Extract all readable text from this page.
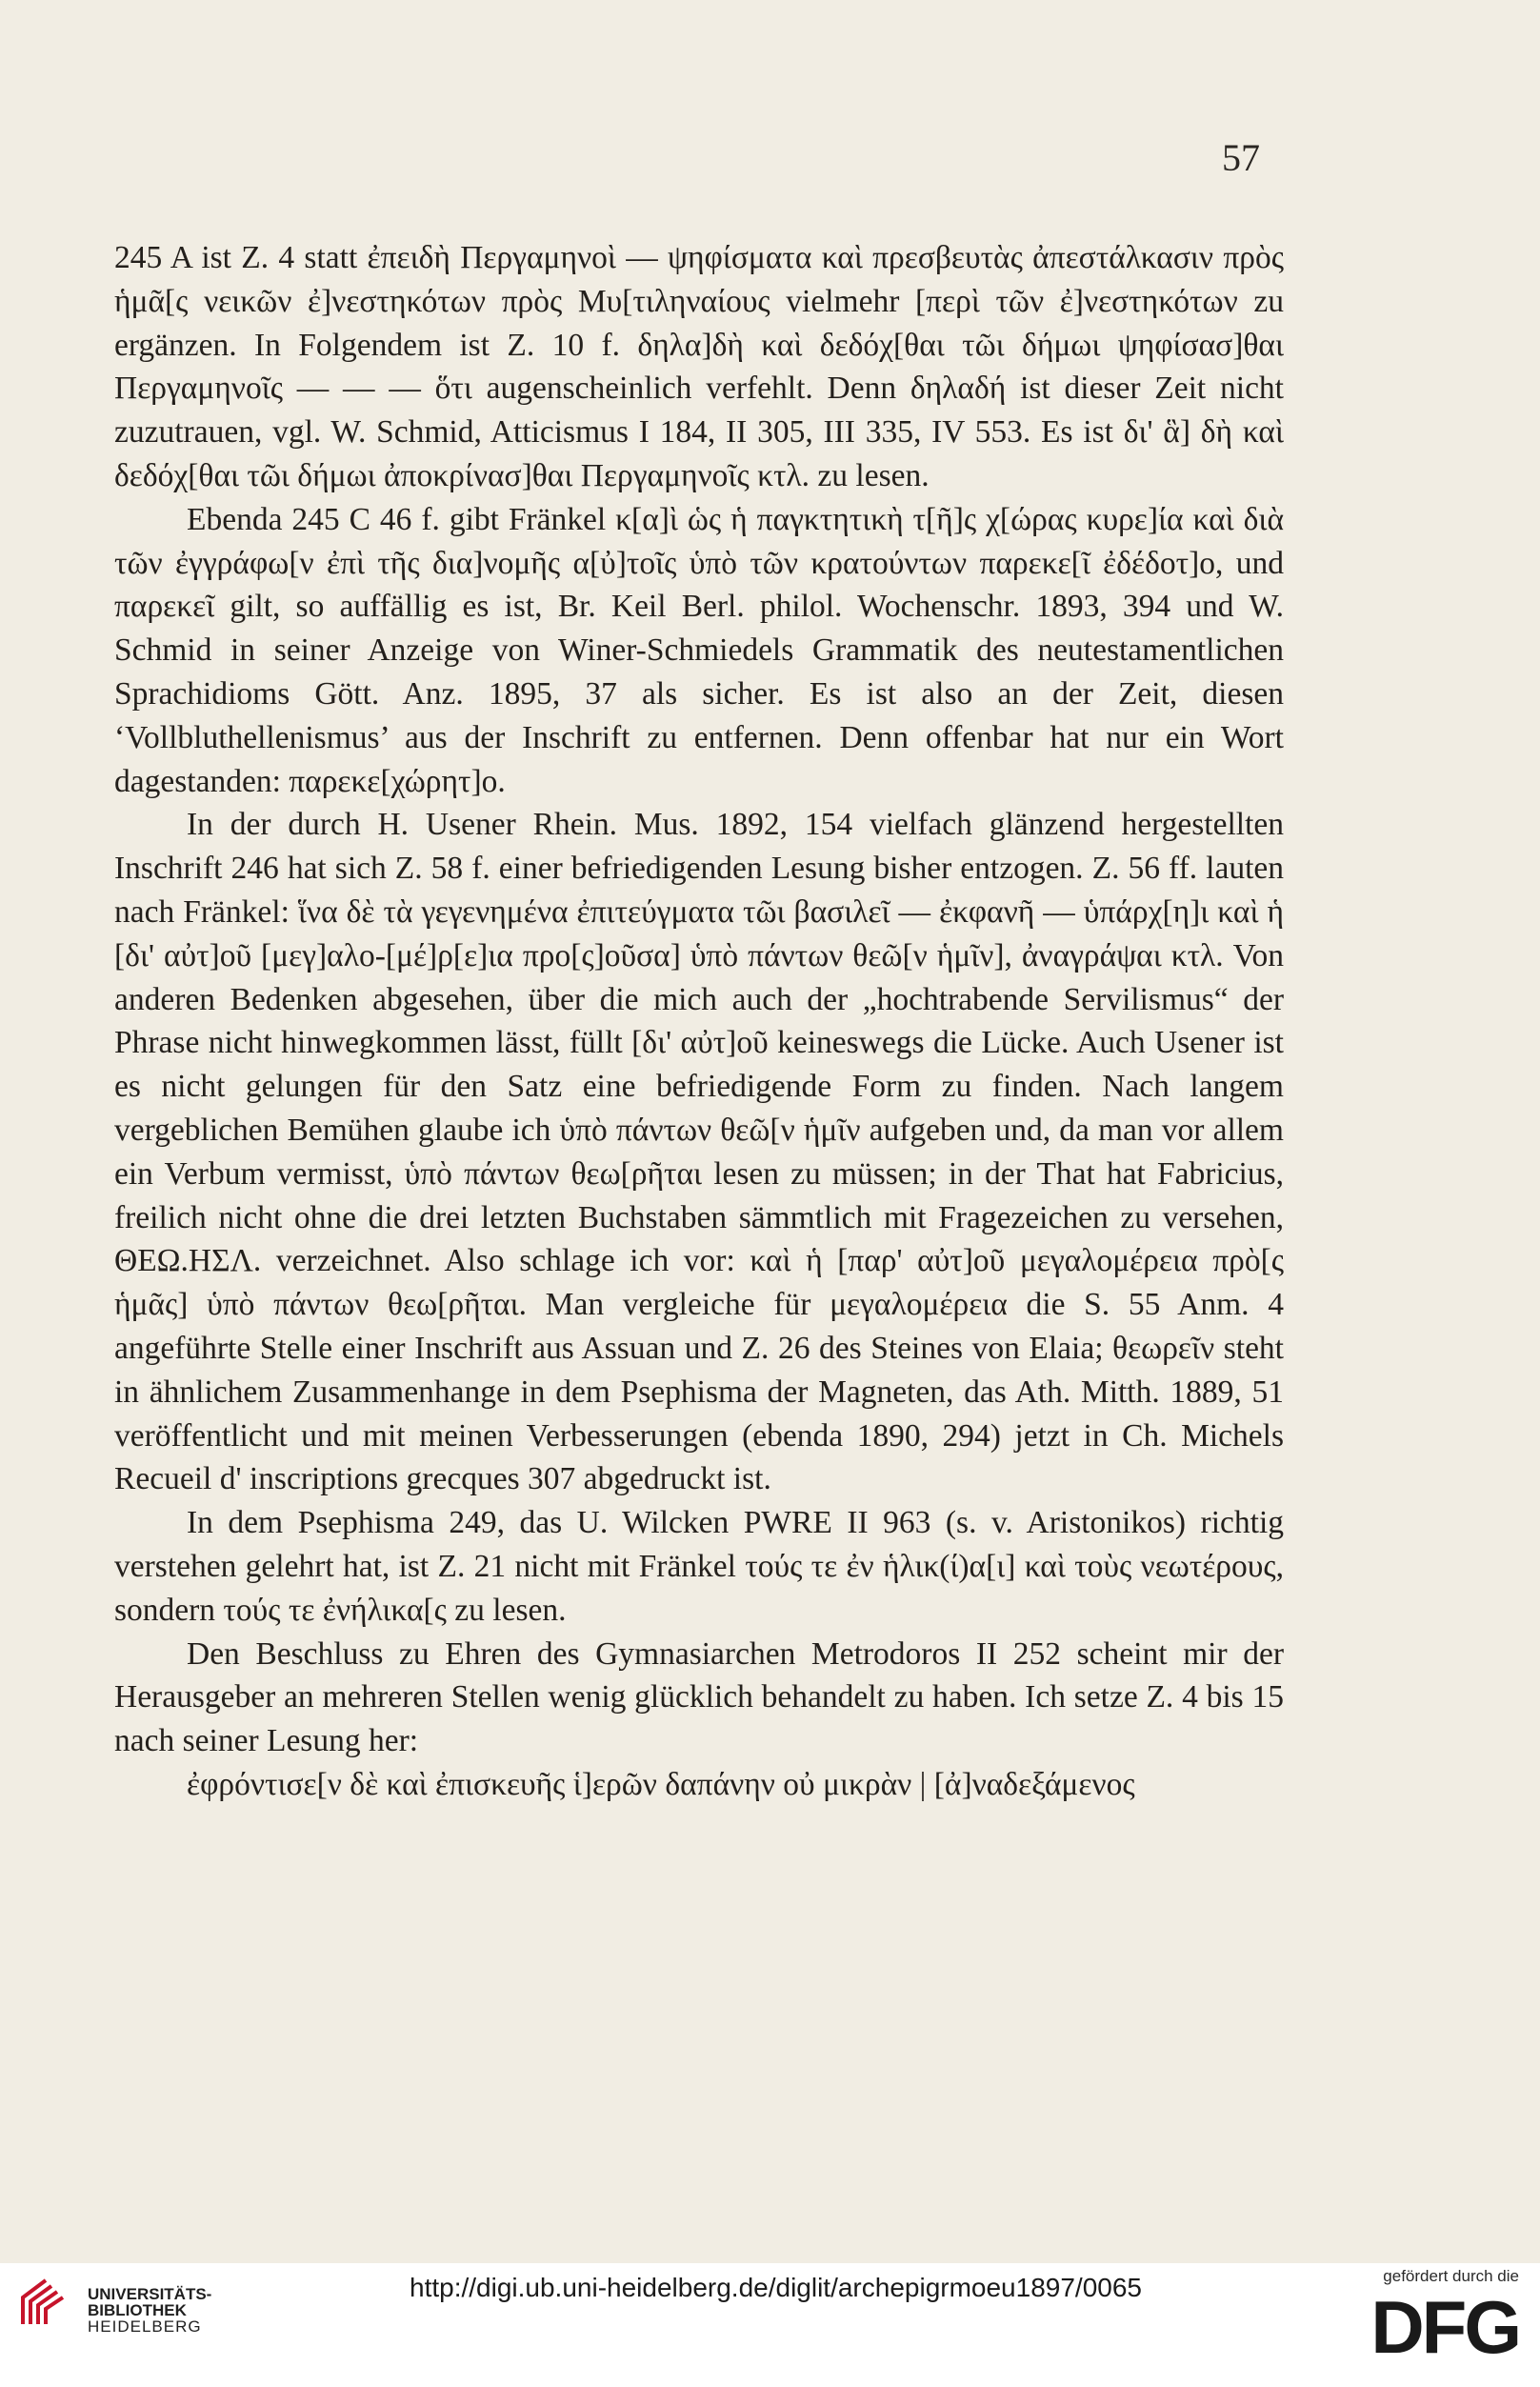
57

245 A ist Z. 4 statt ἐπειδὴ Περγαμηνοὶ — ψηφίσματα καὶ πρεσβευτὰς ἀπεστάλκασιν πρὸς ἡμᾶ[ς νεικῶν ἐ]νεστηκότων πρὸς Μυ[τιληναίους vielmehr [περὶ τῶν ἐ]νεστηκότων zu ergänzen. In Folgendem ist Z. 10 f. δηλα]δὴ καὶ δεδόχ[θαι τῶι δήμωι ψηφίσασ]θαι Περγαμηνοῖς — — — ὅτι augenscheinlich verfehlt. Denn δηλαδή ist dieser Zeit nicht zuzutrauen, vgl. W. Schmid, Atticismus I 184, II 305, III 335, IV 553. Es ist δι' ἃ] δὴ καὶ δεδόχ[θαι τῶι δήμωι ἀποκρίνασ]θαι Περγαμηνοῖς κτλ. zu lesen.

Ebenda 245 C 46 f. gibt Fränkel κ[α]ὶ ὡς ἡ παγκτητικὴ τ[ῆ]ς χ[ώρας κυρε]ία καὶ διὰ τῶν ἐγγράφω[ν ἐπὶ τῆς δια]νομῆς α[ὐ]τοῖς ὑπὸ τῶν κρατούντων παρεκε[ῖ ἐδέδοτ]ο, und παρεκεῖ gilt, so auffällig es ist, Br. Keil Berl. philol. Wochenschr. 1893, 394 und W. Schmid in seiner Anzeige von Winer-Schmiedels Grammatik des neutestamentlichen Sprachidioms Gött. Anz. 1895, 37 als sicher. Es ist also an der Zeit, diesen ‘Vollbluthellenismus’ aus der Inschrift zu entfernen. Denn offenbar hat nur ein Wort dagestanden: παρεκε[χώρητ]ο.

In der durch H. Usener Rhein. Mus. 1892, 154 vielfach glänzend hergestellten Inschrift 246 hat sich Z. 58 f. einer befriedigenden Lesung bisher entzogen. Z. 56 ff. lauten nach Fränkel: ἵνα δὲ τὰ γεγενημένα ἐπιτεύγματα τῶι βασιλεῖ — ἐκφανῆ — ὑπάρχ[η]ι καὶ ἡ [δι' αὐτ]οῦ [μεγ]αλο-[μέ]ρ[ε]ια προ[ς]οῦσα] ὑπὸ πάντων θεῶ[ν ἡμῖν], ἀναγράψαι κτλ. Von anderen Bedenken abgesehen, über die mich auch der „hochtrabende Servilismus“ der Phrase nicht hinwegkommen lässt, füllt [δι' αὐτ]οῦ keineswegs die Lücke. Auch Usener ist es nicht gelungen für den Satz eine befriedigende Form zu finden. Nach langem vergeblichen Bemühen glaube ich ὑπὸ πάντων θεῶ[ν ἡμῖν aufgeben und, da man vor allem ein Verbum vermisst, ὑπὸ πάντων θεω[ρῆται lesen zu müssen; in der That hat Fabricius, freilich nicht ohne die drei letzten Buchstaben sämmtlich mit Fragezeichen zu versehen, ΘΕΩ.ΗΣΛ. verzeichnet. Also schlage ich vor: καὶ ἡ [παρ' αὐτ]οῦ μεγαλομέρεια πρὸ[ς ἡμᾶς] ὑπὸ πάντων θεω[ρῆται. Man vergleiche für μεγαλομέρεια die S. 55 Anm. 4 angeführte Stelle einer Inschrift aus Assuan und Z. 26 des Steines von Elaia; θεωρεῖν steht in ähnlichem Zusammenhange in dem Psephisma der Magneten, das Ath. Mitth. 1889, 51 veröffentlicht und mit meinen Verbesserungen (ebenda 1890, 294) jetzt in Ch. Michels Recueil d' inscriptions grecques 307 abgedruckt ist.

In dem Psephisma 249, das U. Wilcken PWRE II 963 (s. v. Aristonikos) richtig verstehen gelehrt hat, ist Z. 21 nicht mit Fränkel τούς τε ἐν ἡλικ(ί)α[ι] καὶ τοὺς νεωτέρους, sondern τούς τε ἐνήλικα[ς zu lesen.

Den Beschluss zu Ehren des Gymnasiarchen Metrodoros II 252 scheint mir der Herausgeber an mehreren Stellen wenig glücklich behandelt zu haben. Ich setze Z. 4 bis 15 nach seiner Lesung her:

ἐφρόντισε[ν δὲ καὶ ἐπισκευῆς ἱ]ερῶν δαπάνην οὐ μικρὰν | [ἀ]ναδεξάμενος

UNIVERSITÄTS-
BIBLIOTHEK
HEIDELBERG
http://digi.ub.uni-heidelberg.de/diglit/archepigrmoeu1897/0065	gefördert durch die
DFG
